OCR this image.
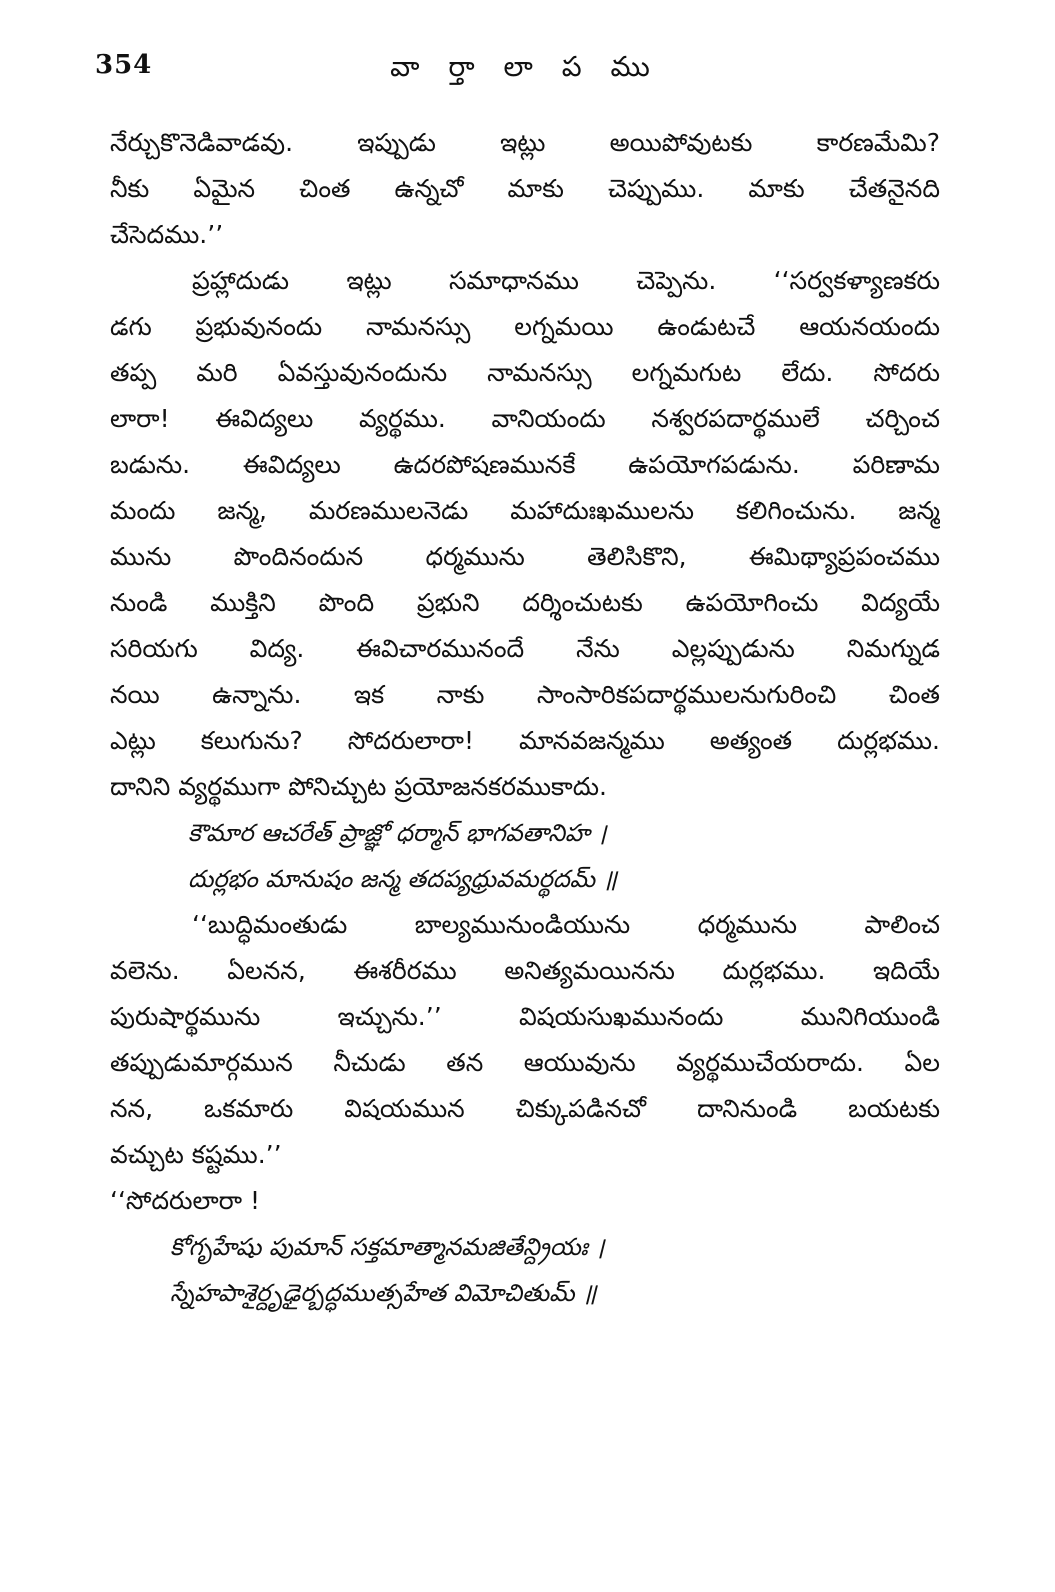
354	వా ర్తా లా ప ము
నేర్చుకొనెడివాడవు. ఇప్పుడు ఇట్లు అయిపోవుటకు కారణమేమి?
నీకు ఏమైన చింత ఉన్నచో మాకు చెప్పుము. మాకు చేతనైనది
చేసెదము.’’
ప్రహ్లాదుడు ఇట్లు సమాధానము చెప్పెను. ‘‘సర్వకళ్యాణకరు
డగు ప్రభువునందు నామనస్సు లగ్నమయి ఉండుటచే ఆయనయందు
తప్ప మరి ఏవస్తువునందును నామనస్సు లగ్నమగుట లేదు. సోదరు
లారా! ఈవిద్యలు వ్యర్థము. వానియందు నశ్వరపదార్థములే చర్చించ
బడును. ఈవిద్యలు ఉదరపోషణమునకే ఉపయోగపడును. పరిణామ
మందు జన్మ, మరణములనెడు మహాదుఃఖములను కలిగించును. జన్మ
మును పొందినందున ధర్మమును తెలిసికొని, ఈమిథ్యాప్రపంచము
నుండి ముక్తిని పొంది ప్రభుని దర్శించుటకు ఉపయోగించు విద్యయే
సరియగు విద్య. ఈవిచారమునందే నేను ఎల్లప్పుడును నిమగ్నుడ
నయి ఉన్నాను. ఇక నాకు సాంసారికపదార్థములనుగురించి చింత
ఎట్లు కలుగును? సోదరులారా! మానవజన్మము అత్యంత దుర్లభము.
దానిని వ్యర్థముగా పోనిచ్చుట ప్రయోజనకరముకాదు.
కౌమార ఆచరేత్ ప్రాజ్ఞో ధర్మాన్ భాగవతానిహ ।
దుర్లభం మానుషం జన్మ తదప్యధ్రువమర్థదమ్ ॥
‘‘బుద్ధిమంతుడు బాల్యమునుండియును ధర్మమును పాలించ
వలెను. ఏలనన, ఈశరీరము అనిత్యమయినను దుర్లభము. ఇదియే
పురుషార్థమును ఇచ్చును.’’ విషయసుఖమునందు మునిగియుండి
తప్పుడుమార్గమున నీచుడు తన ఆయువును వ్యర్థముచేయరాదు. ఏల
నన, ఒకమారు విషయమున చిక్కుపడినచో దానినుండి బయటకు
వచ్చుట కష్టము.’’
‘‘సోదరులారా !
కోగృహేషు పుమాన్ సక్తమాత్మానమజితేన్ద్రియః ।
స్నేహపాశైర్దృఢైర్బద్ధముత్సహేత విమోచితుమ్ ॥
